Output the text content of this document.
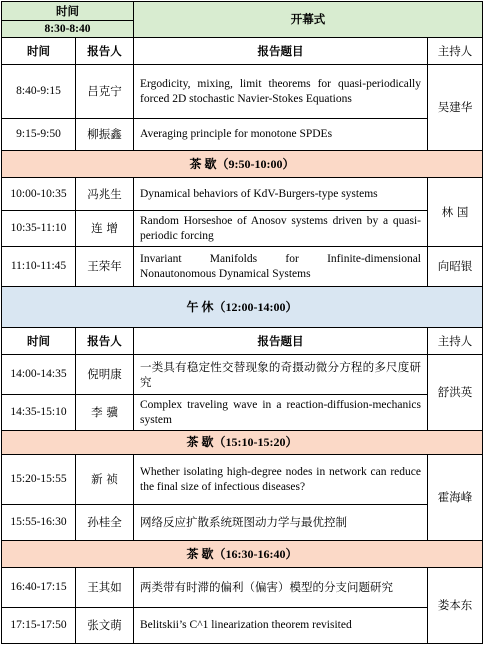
时间		开幕式	
8:30-8:40			
时间	报告人	报告题目	主持人
8:40-9:15	吕克宁	Ergodicity, mixing, limit theorems for quasi-periodically forced 2D stochastic Navier-Stokes Equations	吴建华
9:15-9:50	柳振鑫	Averaging principle for monotone SPDEs	
茶 歇（9:50-10:00）			
10:00-10:35	冯兆生	Dynamical behaviors of KdV-Burgers-type systems	林 国
10:35-11:10	连 增	Random Horseshoe of Anosov systems driven by a quasi-periodic forcing	
11:10-11:45	王荣年	Invariant Manifolds for Infinite-dimensional Nonautonomous Dynamical Systems	向昭银
午 休（12:00-14:00）			
时间	报告人	报告题目	主持人
14:00-14:35	倪明康	一类具有稳定性交替现象的奇摄动微分方程的多尺度研究	舒洪英
14:35-15:10	李 骥	Complex traveling wave in a reaction-diffusion-mechanics system	
茶 歇（15:10-15:20）			
15:20-15:55	新 祯	Whether isolating high-degree nodes in network can reduce the final size of infectious diseases?	霍海峰
15:55-16:30	孙桂全	网络反应扩散系统斑图动力学与最优控制	
茶 歇（16:30-16:40）			
16:40-17:15	王其如	两类带有时滞的偏利（偏害）模型的分支问题研究	娄本东
17:15-17:50	张文萌	Belitskii’s C^1 linearization theorem revisited	
